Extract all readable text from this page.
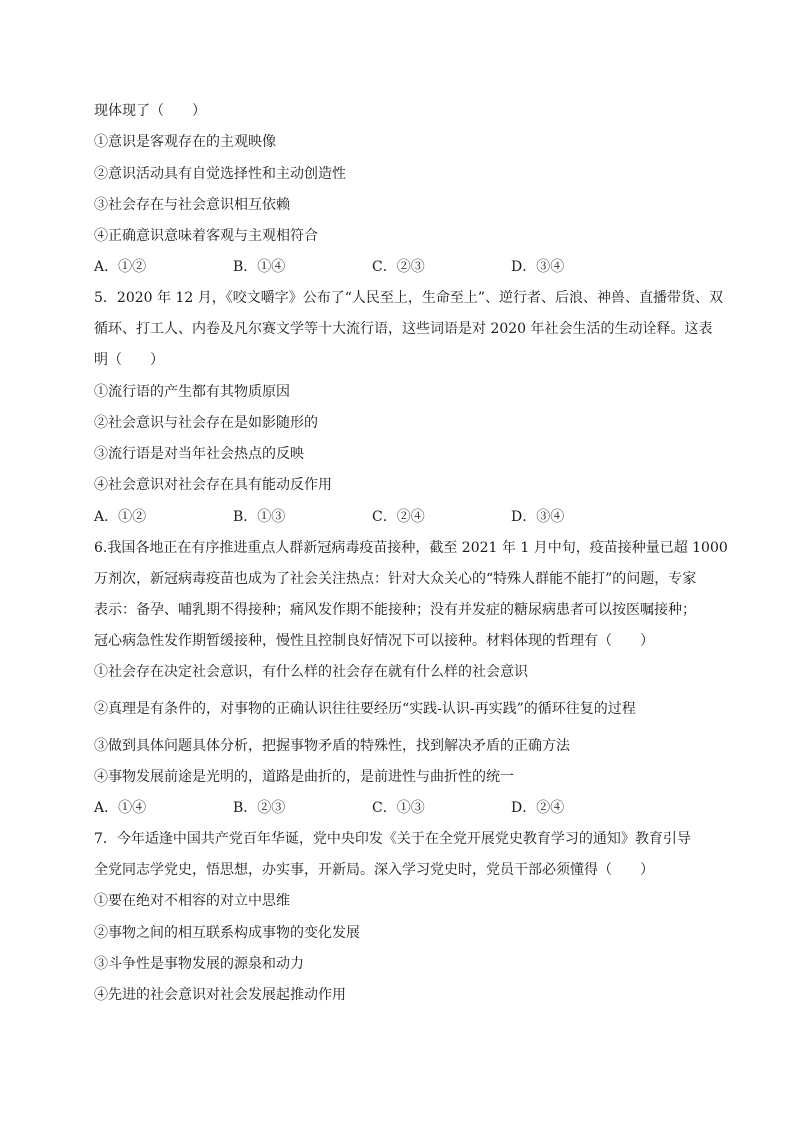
现体现了（　　）
①意识是客观存在的主观映像
②意识活动具有自觉选择性和主动创造性
③社会存在与社会意识相互依赖
④正确意识意味着客观与主观相符合
A．①②	B．①④	C．②③	D．③④
5．2020 年 12 月，《咬文嚼字》公布了“人民至上，生命至上”、逆行者、后浪、神兽、直播带货、双
循环、打工人、内卷及凡尔赛文学等十大流行语，这些词语是对 2020 年社会生活的生动诠释。这表
明（　　）
①流行语的产生都有其物质原因
②社会意识与社会存在是如影随形的
③流行语是对当年社会热点的反映
④社会意识对社会存在具有能动反作用
A．①②	B．①③	C．②④	D．③④
6.我国各地正在有序推进重点人群新冠病毒疫苗接种，截至 2021 年 1 月中旬，疫苗接种量已超 1000
万剂次，新冠病毒疫苗也成为了社会关注热点：针对大众关心的“特殊人群能不能打”的问题，专家
表示：备孕、哺乳期不得接种；痛风发作期不能接种；没有并发症的糖尿病患者可以按医嘱接种；
冠心病急性发作期暂缓接种，慢性且控制良好情况下可以接种。材料体现的哲理有（　　）
①社会存在决定社会意识，有什么样的社会存在就有什么样的社会意识
②真理是有条件的，对事物的正确认识往往要经历“实践-认识-再实践”的循环往复的过程
③做到具体问题具体分析，把握事物矛盾的特殊性，找到解决矛盾的正确方法
④事物发展前途是光明的，道路是曲折的，是前进性与曲折性的统一
A．①④	B．②③	C．①③	D．②④
7．今年适逢中国共产党百年华诞，党中央印发《关于在全党开展党史教育学习的通知》教育引导
全党同志学党史，悟思想，办实事，开新局。深入学习党史时，党员干部必须懂得（　　）
①要在绝对不相容的对立中思维
②事物之间的相互联系构成事物的变化发展
③斗争性是事物发展的源泉和动力
④先进的社会意识对社会发展起推动作用
